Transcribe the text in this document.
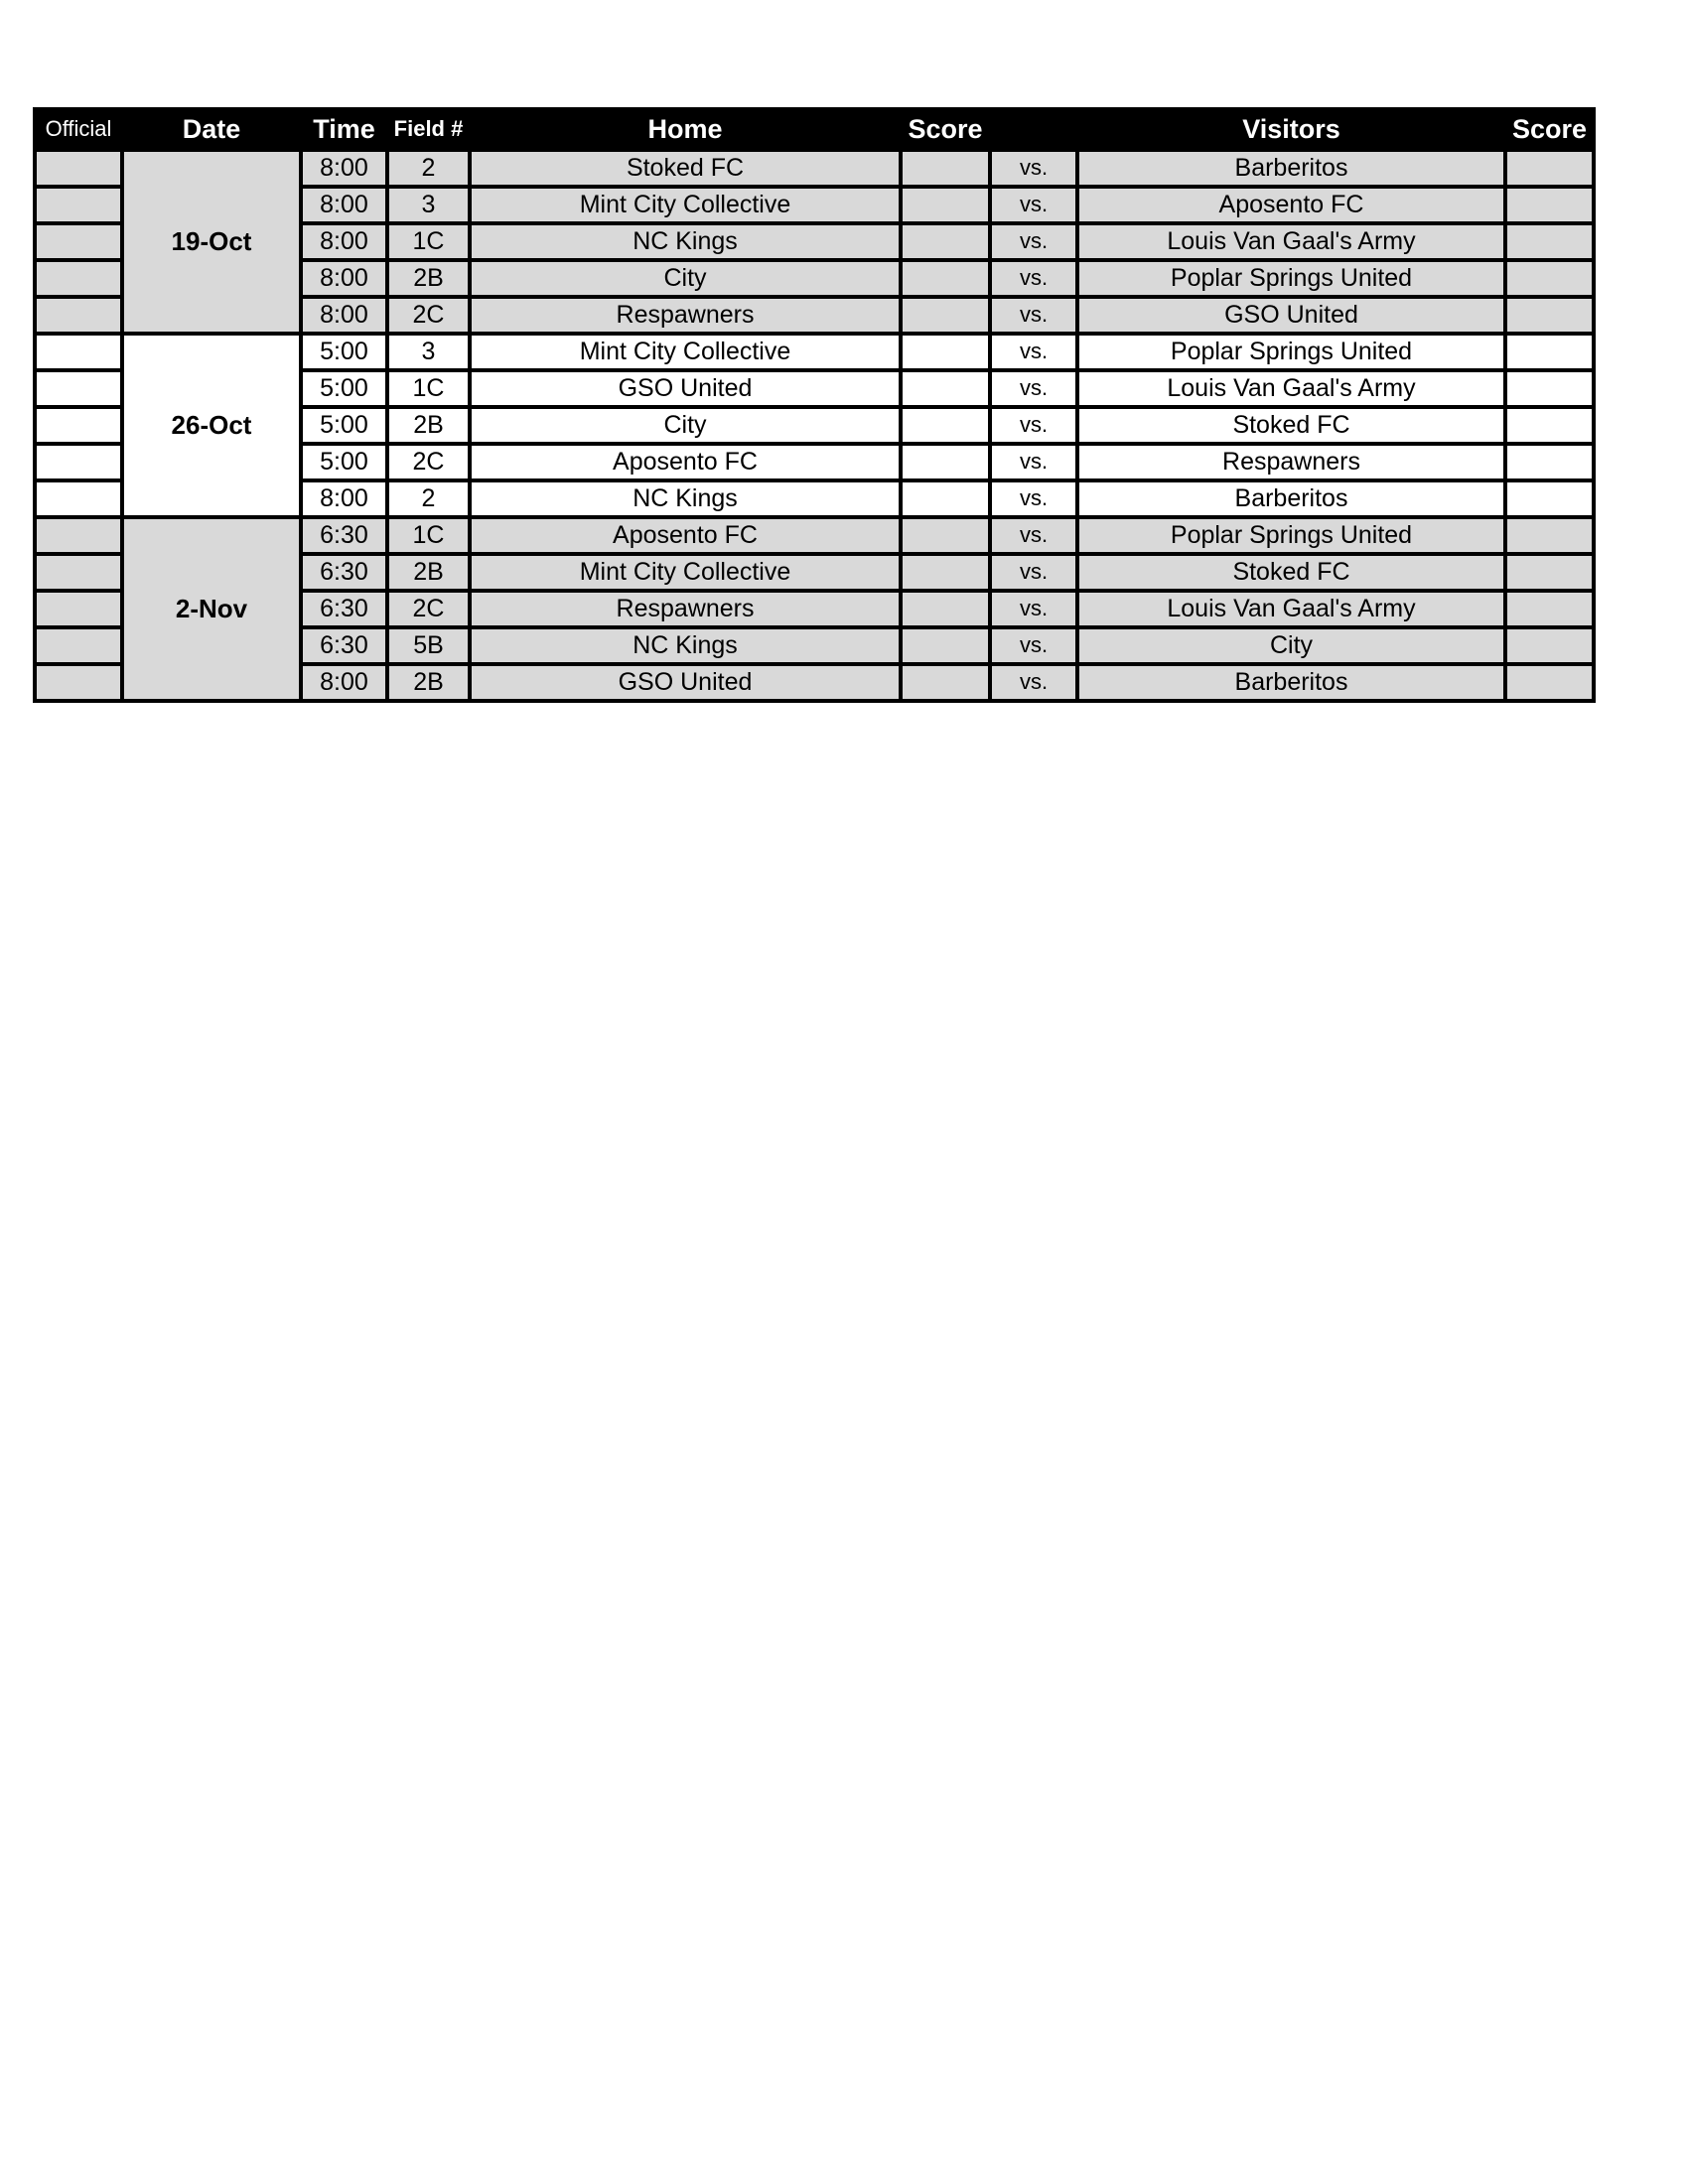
Official	Date	Time	Field #	Home	Score		Visitors	Score
	19-Oct	8:00	2	Stoked FC		vs.	Barberitos	
		8:00	3	Mint City Collective		vs.	Aposento FC	
		8:00	1C	NC Kings		vs.	Louis Van Gaal's Army	
		8:00	2B	City		vs.	Poplar Springs United	
		8:00	2C	Respawners		vs.	GSO United	
	26-Oct	5:00	3	Mint City Collective		vs.	Poplar Springs United	
		5:00	1C	GSO United		vs.	Louis Van Gaal's Army	
		5:00	2B	City		vs.	Stoked FC	
		5:00	2C	Aposento FC		vs.	Respawners	
		8:00	2	NC Kings		vs.	Barberitos	
	2-Nov	6:30	1C	Aposento FC		vs.	Poplar Springs United	
		6:30	2B	Mint City Collective		vs.	Stoked FC	
		6:30	2C	Respawners		vs.	Louis Van Gaal's Army	
		6:30	5B	NC Kings		vs.	City	
		8:00	2B	GSO United		vs.	Barberitos	
